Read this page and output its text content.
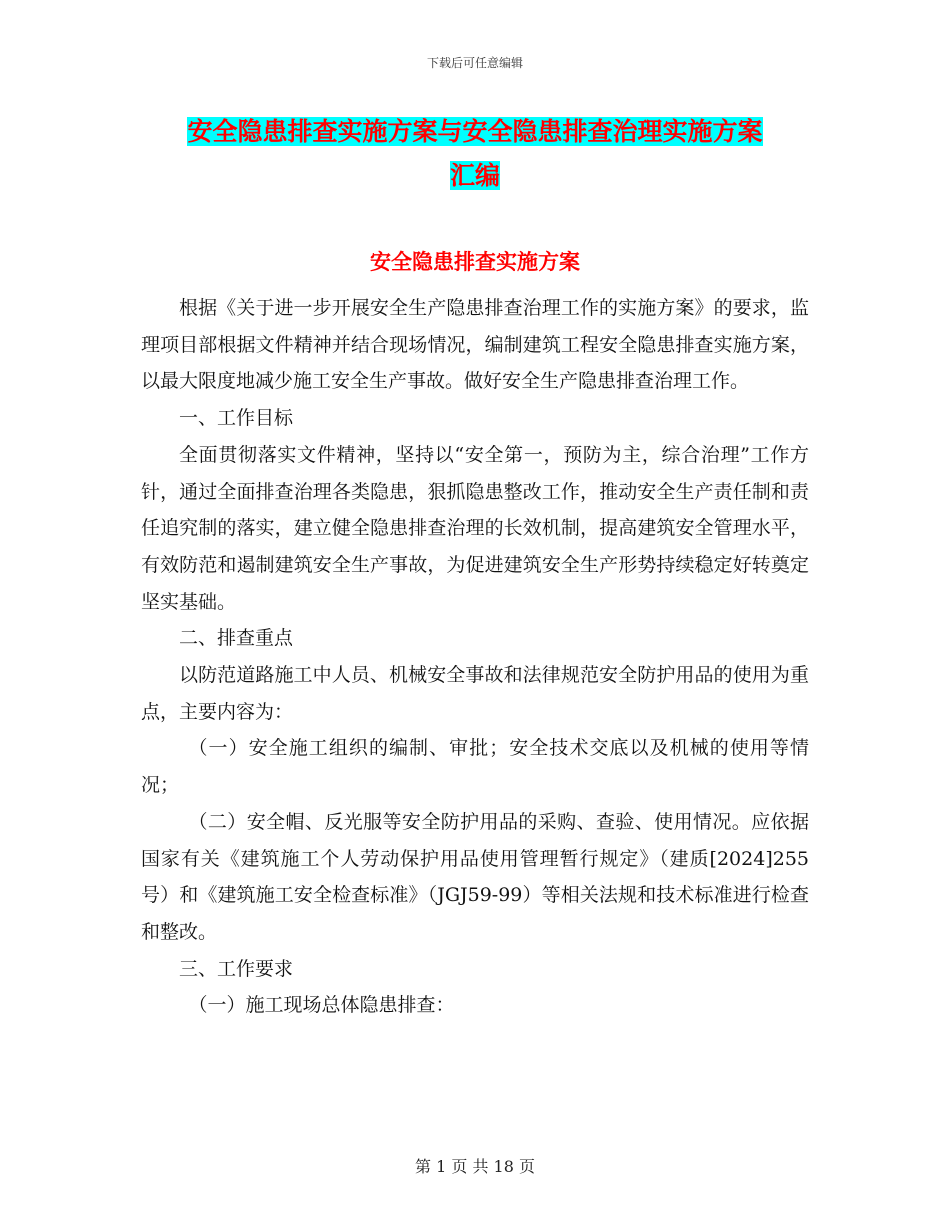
下载后可任意编辑
安全隐患排查实施方案与安全隐患排查治理实施方案
汇编
安全隐患排查实施方案

根据《关于进一步开展安全生产隐患排查治理工作的实施方案》的要求，监理项目部根据文件精神并结合现场情况，编制建筑工程安全隐患排查实施方案，以最大限度地减少施工安全生产事故。做好安全生产隐患排查治理工作。

一、工作目标

全面贯彻落实文件精神，坚持以“安全第一，预防为主，综合治理”工作方针，通过全面排查治理各类隐患，狠抓隐患整改工作，推动安全生产责任制和责任追究制的落实，建立健全隐患排查治理的长效机制，提高建筑安全管理水平，有效防范和遏制建筑安全生产事故，为促进建筑安全生产形势持续稳定好转奠定坚实基础。

二、排查重点

以防范道路施工中人员、机械安全事故和法律规范安全防护用品的使用为重点，主要内容为：

（一）安全施工组织的编制、审批；安全技术交底以及机械的使用等情况；

（二）安全帽、反光服等安全防护用品的采购、查验、使用情况。应依据国家有关《建筑施工个人劳动保护用品使用管理暂行规定》（建质[2024]255号）和《建筑施工安全检查标准》（JGJ59-99）等相关法规和技术标准进行检查和整改。

三、工作要求

（一）施工现场总体隐患排查：

第 1 页 共 18 页
